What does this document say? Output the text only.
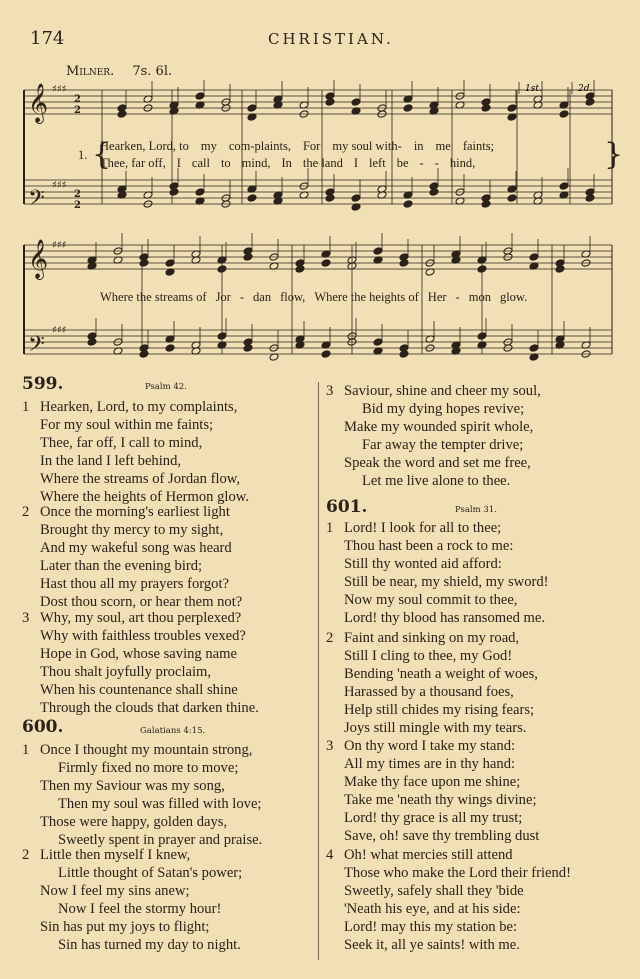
174	CHRISTIAN.
Milner. 7s. 6l.
𝄞
𝄢
𝄞
𝄢
♯♯♯
♯♯♯
♯♯♯
♯♯♯
2
2
2
2
1st.	2d.
1. {	}
Hearken, Lord, to my com-plaints, For my soul with- in me faints;
Thee, far off, I call to mind, In the land I left be - - hind,
Where the streams of Jor - dan flow, Where the heights of Her - mon glow.
599.	Psalm 42.
1 Hearken, Lord, to my complaints,
For my soul within me faints;
Thee, far off, I call to mind,
In the land I left behind,
Where the streams of Jordan flow,
Where the heights of Hermon glow.
2 Once the morning's earliest light
Brought thy mercy to my sight,
And my wakeful song was heard
Later than the evening bird;
Hast thou all my prayers forgot?
Dost thou scorn, or hear them not?
3 Why, my soul, art thou perplexed?
Why with faithless troubles vexed?
Hope in God, whose saving name
Thou shalt joyfully proclaim,
When his countenance shall shine
Through the clouds that darken thine.
3 Saviour, shine and cheer my soul,
Bid my dying hopes revive;
Make my wounded spirit whole,
Far away the tempter drive;
Speak the word and set me free,
Let me live alone to thee.
600.	Galatians 4:15.
1 Once I thought my mountain strong,
Firmly fixed no more to move;
Then my Saviour was my song,
Then my soul was filled with love;
Those were happy, golden days,
Sweetly spent in prayer and praise.
2 Little then myself I knew,
Little thought of Satan's power;
Now I feel my sins anew;
Now I feel the stormy hour!
Sin has put my joys to flight;
Sin has turned my day to night.
601.	Psalm 31.
1 Lord! I look for all to thee;
Thou hast been a rock to me:
Still thy wonted aid afford:
Still be near, my shield, my sword!
Now my soul commit to thee,
Lord! thy blood has ransomed me.
2 Faint and sinking on my road,
Still I cling to thee, my God!
Bending 'neath a weight of woes,
Harassed by a thousand foes,
Help still chides my rising fears;
Joys still mingle with my tears.
3 On thy word I take my stand:
All my times are in thy hand:
Make thy face upon me shine;
Take me 'neath thy wings divine;
Lord! thy grace is all my trust;
Save, oh! save thy trembling dust
4 Oh! what mercies still attend
Those who make the Lord their friend!
Sweetly, safely shall they 'bide
'Neath his eye, and at his side:
Lord! may this my station be:
Seek it, all ye saints! with me.
